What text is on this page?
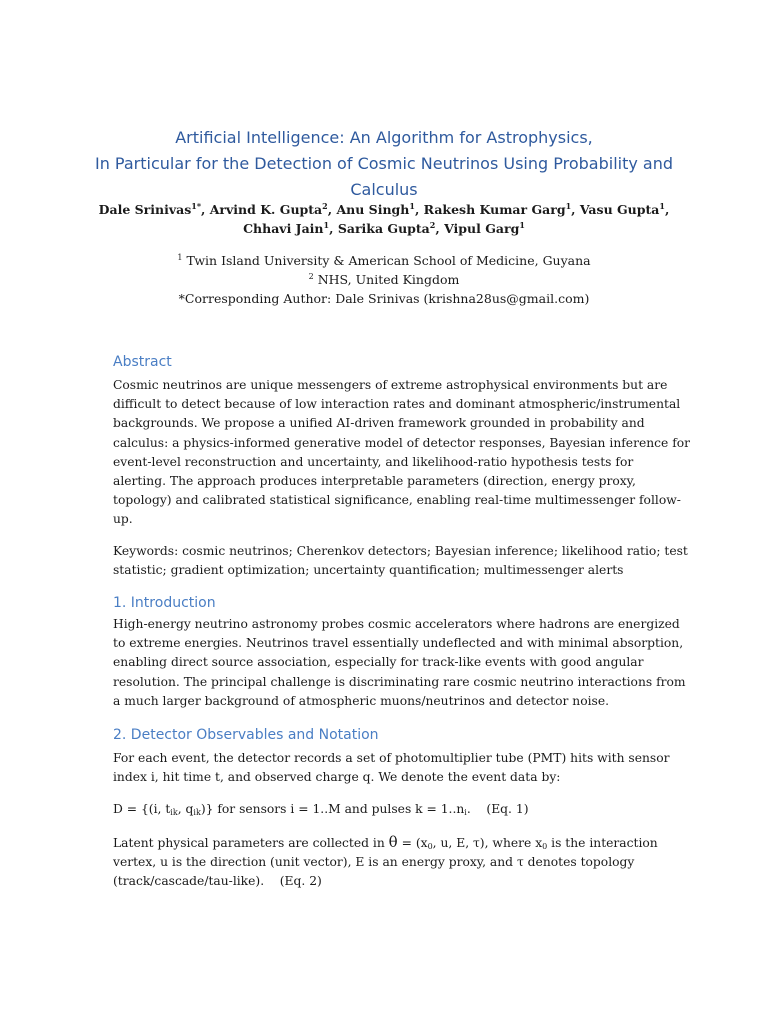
Artificial Intelligence: An Algorithm for Astrophysics,
In Particular for the Detection of Cosmic Neutrinos Using Probability and
Calculus
Dale Srinivas$^{1*}$, Arvind K. Gupta$^2$, Anu Singh$^1$, Rakesh Kumar Garg$^1$, Vasu Gupta$^1$,
Chhavi Jain$^1$, Sarika Gupta$^2$, Vipul Garg$^1$
$^1$ Twin Island University & American School of Medicine, Guyana
$^2$ NHS, United Kingdom
*Corresponding Author: Dale Srinivas (krishna28us@gmail.com)
Abstract
Cosmic neutrinos are unique messengers of extreme astrophysical environments but are
difficult to detect because of low interaction rates and dominant atmospheric/instrumental
backgrounds. We propose a unified AI-driven framework grounded in probability and
calculus: a physics-informed generative model of detector responses, Bayesian inference for
event-level reconstruction and uncertainty, and likelihood-ratio hypothesis tests for
alerting. The approach produces interpretable parameters (direction, energy proxy,
topology) and calibrated statistical significance, enabling real-time multimessenger follow-
up.
Keywords: cosmic neutrinos; Cherenkov detectors; Bayesian inference; likelihood ratio; test
statistic; gradient optimization; uncertainty quantification; multimessenger alerts
1. Introduction
High-energy neutrino astronomy probes cosmic accelerators where hadrons are energized
to extreme energies. Neutrinos travel essentially undeflected and with minimal absorption,
enabling direct source association, especially for track-like events with good angular
resolution. The principal challenge is discriminating rare cosmic neutrino interactions from
a much larger background of atmospheric muons/neutrinos and detector noise.
2. Detector Observables and Notation
For each event, the detector records a set of photomultiplier tube (PMT) hits with sensor
index i, hit time t, and observed charge q. We denote the event data by:
D = {(i, $t_{ik}$, $q_{ik}$)} for sensors i = 1..M and pulses $k = 1..n_i$.    (Eq. 1)
Latent physical parameters are collected in $\theta = (x_0$, u, E, τ), where $x_0$ is the interaction
vertex, u is the direction (unit vector), E is an energy proxy, and τ denotes topology
(track/cascade/tau-like).    (Eq. 2)
